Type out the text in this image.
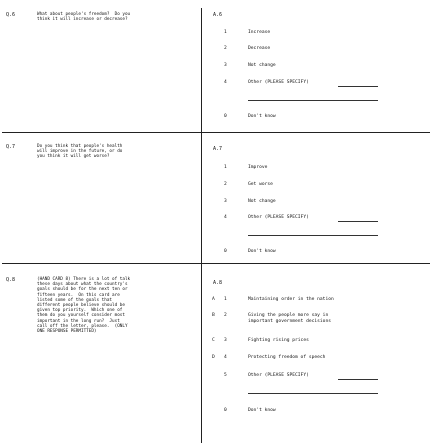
Q.6	What about people's freedom?  Do you
think it will increase or decrease?
A.6
1	Increase
2	Decrease
3	Not change
4	Other (PLEASE SPECIFY)
0	Don't know
Q.7	Do you think that people's health
will improve in the future, or do
you think it will get worse?
A.7
1	Improve
2	Get worse
3	Not change
4	Other (PLEASE SPECIFY)
0	Don't know
Q.8	(HAND CARD 8) There is a lot of talk
these days about what the country's
goals should be for the next ten or
fifteen years.  On this card are
listed some of the goals that
different people believe should be
given top priority.  Which one of
them do you yourself consider most
important in the long run?  Just
call off the letter, please.  (ONLY
ONE RESPONSE PERMITTED)
A.8
A 1	Maintaining order in the nation
B 2	Giving the people more say in
important government decisions
C 3	Fighting rising prices
D 4	Protecting freedom of speech
5	Other (PLEASE SPECIFY)
0	Don't know
